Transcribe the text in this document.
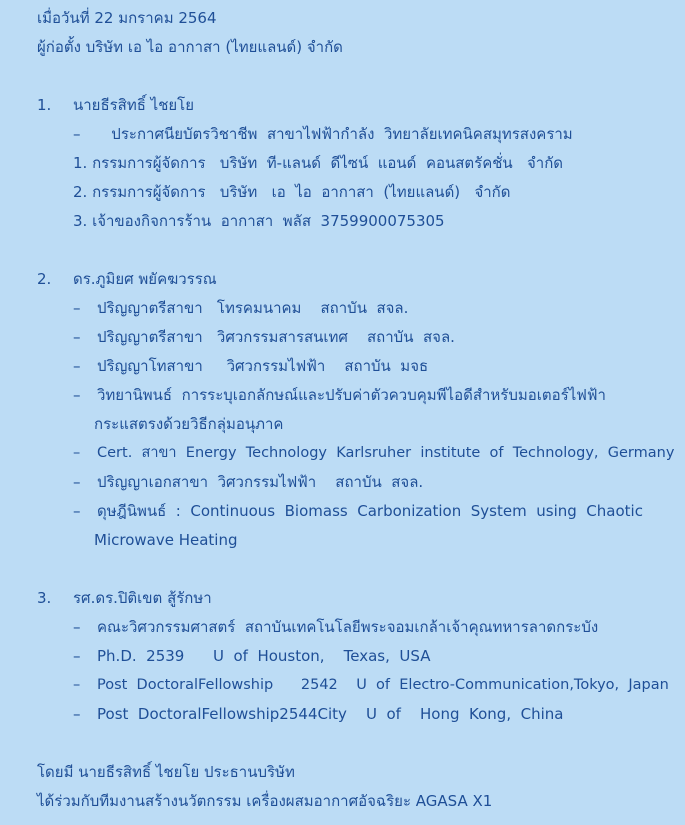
เมื่อวันที่ 22 มกราคม 2564
ผู้ก่อตั้ง บริษัท เอ ไอ อากาสา (ไทยแลนด์) จำกัด
1. นายธีรสิทธิ์ ไชยโย
–   ประกาศนียบัตรวิชาชีพ  สาขาไฟฟ้ากำลัง  วิทยาลัยเทคนิคสมุทรสงคราม
1. กรรมการผู้จัดการ   บริษัท  ที-แลนด์  ดีไซน์  แอนด์  คอนสตรัคชั่น   จำกัด
2. กรรมการผู้จัดการ   บริษัท   เอ  ไอ  อากาสา  (ไทยแลนด์)   จำกัด
3. เจ้าของกิจการร้าน  อากาสา  พลัส  3759900075305
2. ดร.ภูมิยศ พยัคฆวรรณ
– ปริญญาตรีสาขา   โทรคมนาคม    สถาบัน  สจล.
– ปริญญาตรีสาขา   วิศวกรรมสารสนเทศ    สถาบัน  สจล.
– ปริญญาโทสาขา     วิศวกรรมไฟฟ้า    สถาบัน  มจธ
– วิทยานิพนธ์  การระบุเอกลักษณ์และปรับค่าตัวควบคุมพีไอดีสำหรับมอเตอร์ไฟฟ้า
กระแสตรงด้วยวิธีกลุ่มอนุภาค
– Cert.  สาขา  Energy  Technology  Karlsruher  institute  of  Technology,  Germany
– ปริญญาเอกสาขา  วิศวกรรมไฟฟ้า    สถาบัน  สจล.
– ดุษฎีนิพนธ์  :  Continuous  Biomass  Carbonization  System  using  Chaotic
Microwave Heating
3. รศ.ดร.ปิติเขต สู้รักษา
– คณะวิศวกรรมศาสตร์  สถาบันเทคโนโลยีพระจอมเกล้าเจ้าคุณทหารลาดกระบัง
– Ph.D.  2539      U  of  Houston,    Texas,  USA
– Post  DoctoralFellowship      2542    U  of  Electro-Communication,Tokyo,  Japan
– Post  DoctoralFellowship2544City    U  of    Hong  Kong,  China
โดยมี นายธีรสิทธิ์ ไชยโย ประธานบริษัท
ได้ร่วมกับทีมงานสร้างนวัตกรรม เครื่องผสมอากาศอัจฉริยะ AGASA X1
